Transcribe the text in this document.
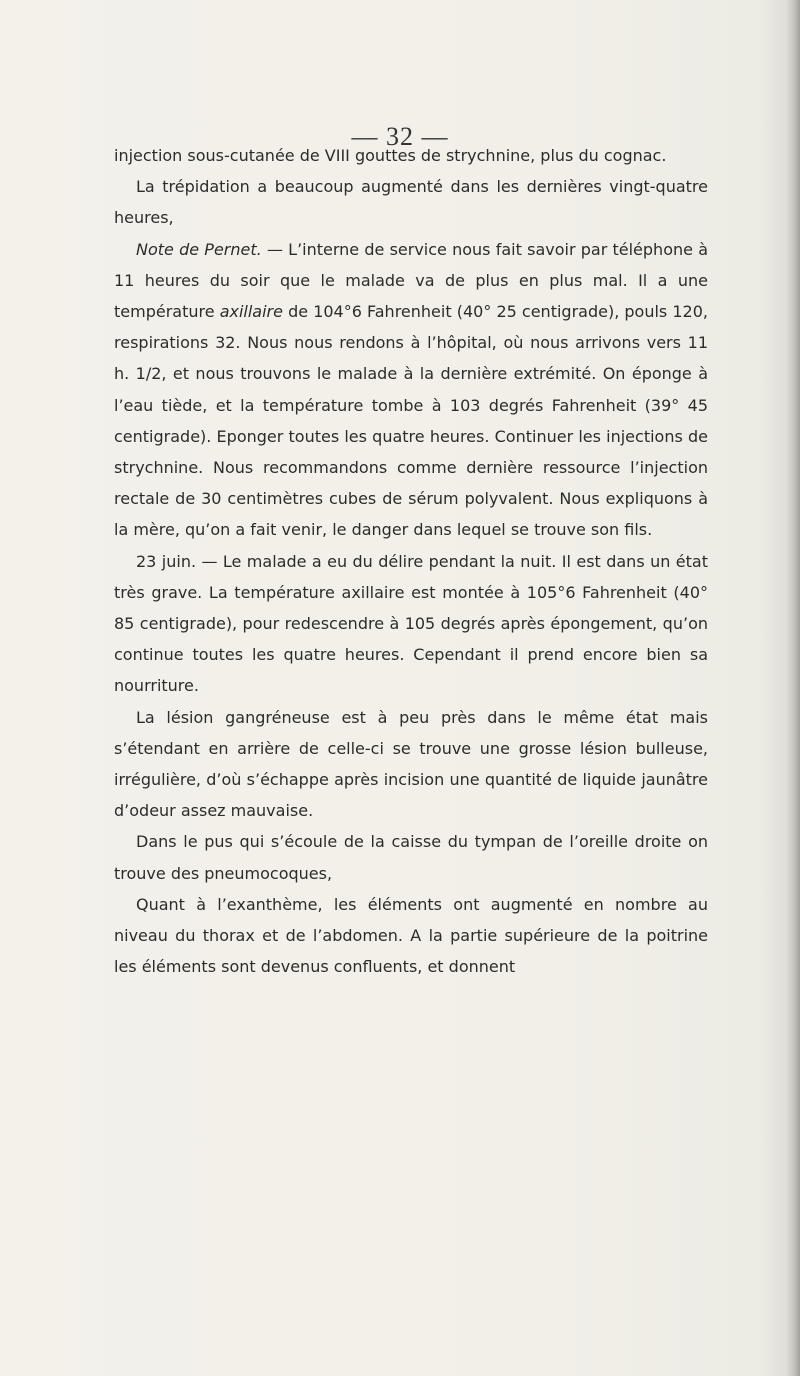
— 32 —

injection sous-cutanée de VIII gouttes de strychnine, plus du cognac.

La trépidation a beaucoup augmenté dans les dernières vingt-quatre heures,

Note de Pernet. — L’interne de service nous fait savoir par téléphone à 11 heures du soir que le malade va de plus en plus mal. Il a une température axillaire de 104°6 Fahrenheit (40° 25 centigrade), pouls 120, respirations 32. Nous nous rendons à l’hôpital, où nous arrivons vers 11 h. 1/2, et nous trouvons le malade à la dernière extrémité. On éponge à l’eau tiède, et la température tombe à 103 degrés Fahrenheit (39° 45 centigrade). Eponger toutes les quatre heures. Continuer les injections de strychnine. Nous recommandons comme dernière ressource l’injection rectale de 30 centimètres cubes de sérum polyvalent. Nous expliquons à la mère, qu’on a fait venir, le danger dans lequel se trouve son fils.

23 juin. — Le malade a eu du délire pendant la nuit. Il est dans un état très grave. La température axillaire est montée à 105°6 Fahrenheit (40° 85 centigrade), pour redescendre à 105 degrés après épongement, qu’on continue toutes les quatre heures. Cependant il prend encore bien sa nourriture.

La lésion gangréneuse est à peu près dans le même état mais s’étendant en arrière de celle-ci se trouve une grosse lésion bulleuse, irrégulière, d’où s’échappe après incision une quantité de liquide jaunâtre d’odeur assez mauvaise.

Dans le pus qui s’écoule de la caisse du tympan de l’oreille droite on trouve des pneumocoques,

Quant à l’exanthème, les éléments ont augmenté en nombre au niveau du thorax et de l’abdomen. A la partie supérieure de la poitrine les éléments sont devenus confluents, et donnent
